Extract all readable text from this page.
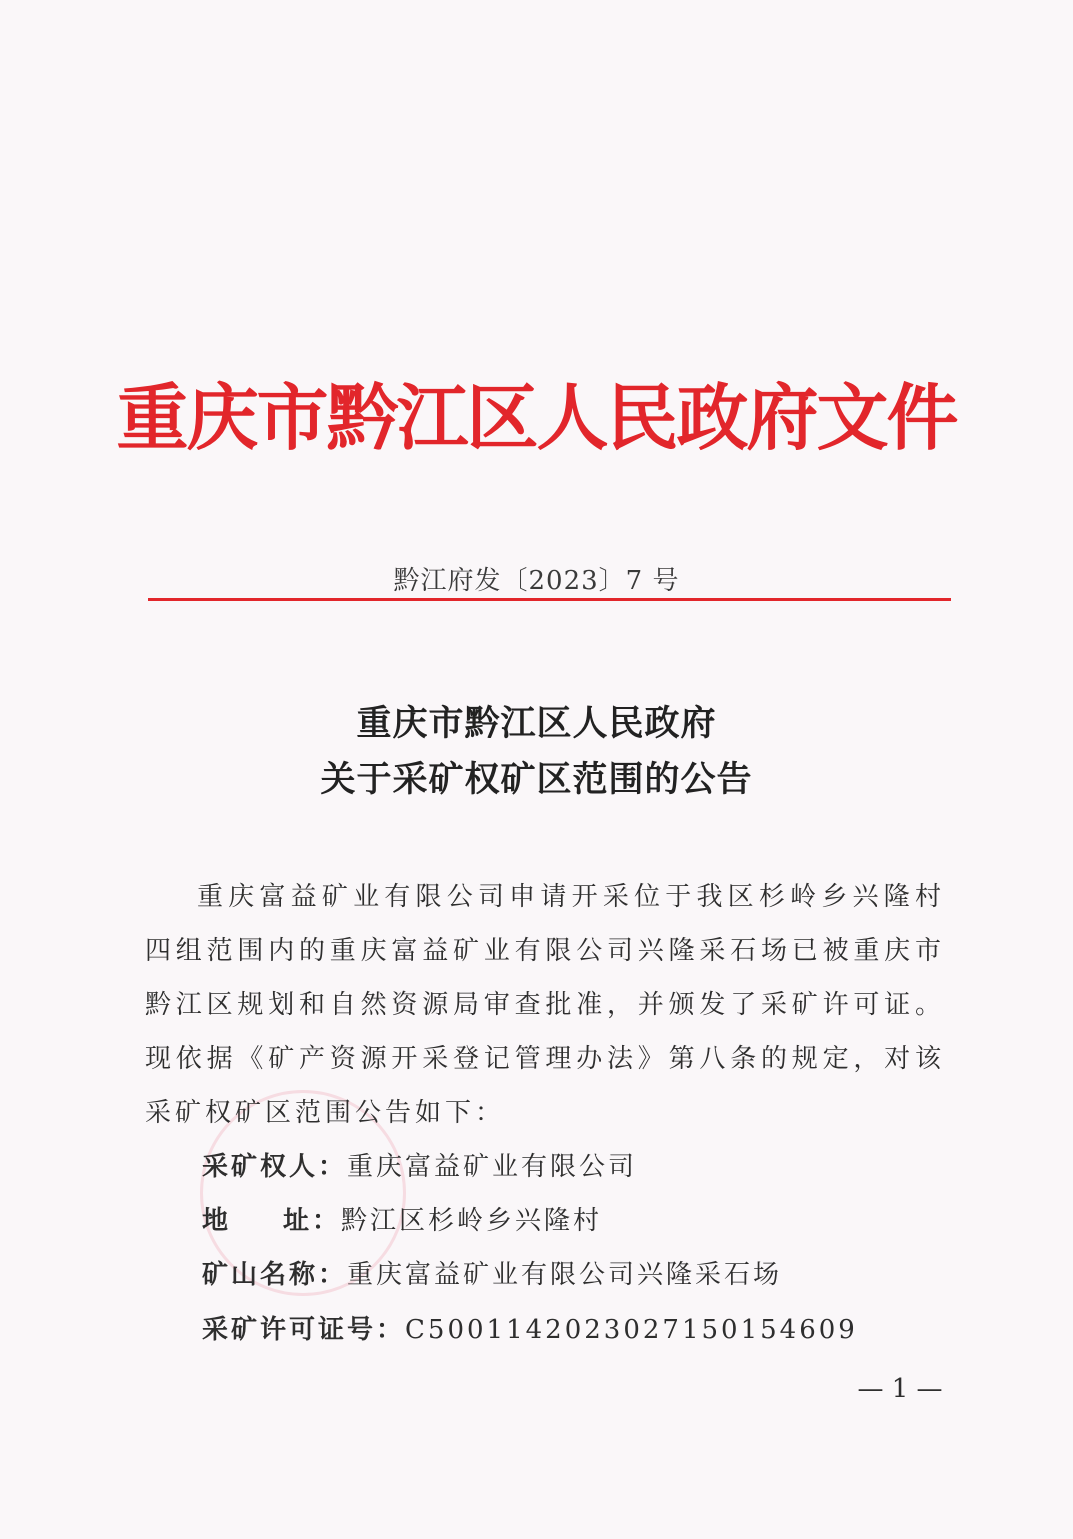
重庆市黔江区人民政府文件
黔江府发〔2023〕7 号
重庆市黔江区人民政府
关于采矿权矿区范围的公告
重庆富益矿业有限公司申请开采位于我区杉岭乡兴隆村四组范围内的重庆富益矿业有限公司兴隆采石场已被重庆市黔江区规划和自然资源局审查批准，并颁发了采矿许可证。现依据《矿产资源开采登记管理办法》第八条的规定，对该采矿权矿区范围公告如下：
采矿权人：重庆富益矿业有限公司
地 址：黔江区杉岭乡兴隆村
矿山名称：重庆富益矿业有限公司兴隆采石场
采矿许可证号：C5001142023027150154609
— 1 —
